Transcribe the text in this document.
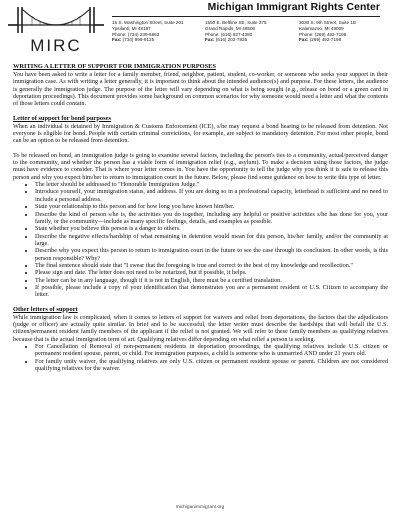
MIRC
Michigan Immigrant Rights Center
15 S. Washington Street, Suite 201
Ypsilanti, MI 48197
Phone: (734) 239-6863
Fax: (734) 998-9125
1550 E. Beltline SE, Suite 375
Grand Rapids, MI 49506
Phone: (616) 827-4080
Fax: (616) 202-7835
3030 S. 9th Street, Suite 1B
Kalamazoo, MI 49009
Phone: (269) 492-7196
Fax: (269) 492-7198

WRITING A LETTER OF SUPPORT FOR IMMIGRATION PURPOSES

You have been asked to write a letter for a family member, friend, neighbor, patient, student, co-worker, or someone who seeks your support in their immigration case. As with writing a letter generally, it is important to think about the intended audience(s) and purpose. For these letters, the audience is generally the immigration judge. The purpose of the letter will vary depending on what is being sought (e.g., release on bond or a green card in deportation proceedings). This document provides some background on common scenarios for why someone would need a letter and what the contents of those letters could contain.

Letter of support for bond purposes

When an individual is detained by Immigration & Customs Enforcement (ICE), s/he may request a bond hearing to be released from detention. Not everyone is eligible for bond. People with certain criminal convictions, for example, are subject to mandatory detention. For most other people, bond can be an option to be released from detention.

To be released on bond, an immigration judge is going to examine several factors, including the person's ties to a community, actual/perceived danger to the community, and whether the person has a viable form of immigration relief (e.g., asylum). To make a decision using those factors, the judge must have evidence to consider. That is where your letter comes in. You have the opportunity to tell the judge why you think it is safe to release this person and why you expect him/her to return to immigration court in the future. Below, please find some guidance on how to write this type of letter.

• The letter should be addressed to "Honorable Immigration Judge."
• Introduce yourself, your immigration status, and address. If you are doing so in a professional capacity, letterhead is sufficient and no need to include a personal address.
• State your relationship to this person and for how long you have known him/her.
• Describe the kind of person s/he is, the activities you do together, including any helpful or positive activities s/he has done for you, your family, or the community—include as many specific feelings, details, and examples as possible.
• State whether you believe this person is a danger to others.
• Describe the negative effects/hardship of what remaining in detention would mean for this person, his/her family, and/or the community at large.
• Describe why you expect this person to return to immigration court in the future to see the case through its conclusion. In other words, is this person responsible? Why?
• The final sentence should state that "I swear that the foregoing is true and correct to the best of my knowledge and recollection."
• Please sign and date. The letter does not need to be notarized, but if possible, it helps.
• The letter can be in any language, though if it is not in English, there must be a certified translation.
• If possible, please include a copy of your identification that demonstrates you are a permanent resident or U.S. Citizen to accompany the letter.

Other letters of support

While immigration law is complicated, when it comes to letters of support for waivers and relief from deportations, the factors that the adjudicators (judge or officer) are actually quite similar. In brief and to be successful, the letter writer must describe the hardships that will befall the U.S. citizen/permanent resident family members of the applicant if the relief is not granted. We will refer to these family members as qualifying relatives because that is the actual immigration term of art. Qualifying relatives differ depending on what relief a person is seeking.

• For Cancellation of Removal of non-permanent residents in deportation proceedings, the qualifying relatives include U.S. citizen or permanent resident spouse, parent, or child. For immigration purposes, a child is someone who is unmarried AND under 21 years old.
• For family unity waiver, the qualifying relatives are only U.S. citizen or permanent resident spouse or parent. Children are not considered qualifying relatives for the waiver.
michiganimmigrant.org
